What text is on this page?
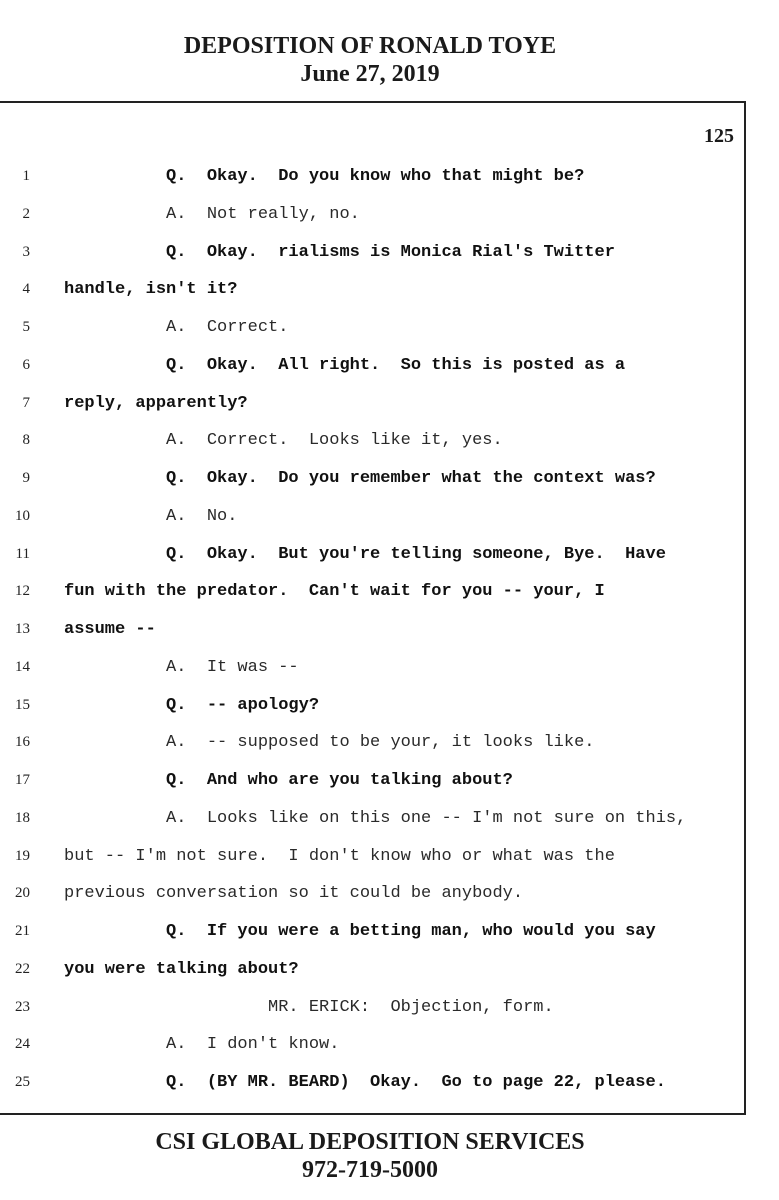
DEPOSITION OF RONALD TOYE
June 27, 2019
125
1 Q.  Okay.  Do you know who that might be?
2 A.  Not really, no.
3 Q.  Okay.  rialisms is Monica Rial's Twitter
4 handle, isn't it?
5 A.  Correct.
6 Q.  Okay.  All right.  So this is posted as a
7 reply, apparently?
8 A.  Correct.  Looks like it, yes.
9 Q.  Okay.  Do you remember what the context was?
10 A.  No.
11 Q.  Okay.  But you're telling someone, Bye.  Have
12 fun with the predator.  Can't wait for you -- your, I
13 assume --
14 A.  It was --
15 Q.  -- apology?
16 A.  -- supposed to be your, it looks like.
17 Q.  And who are you talking about?
18 A.  Looks like on this one -- I'm not sure on this,
19 but -- I'm not sure.  I don't know who or what was the
20 previous conversation so it could be anybody.
21 Q.  If you were a betting man, who would you say
22 you were talking about?
23 MR. ERICK:  Objection, form.
24 A.  I don't know.
25 Q.  (BY MR. BEARD)  Okay.  Go to page 22, please.
CSI GLOBAL DEPOSITION SERVICES
972-719-5000
